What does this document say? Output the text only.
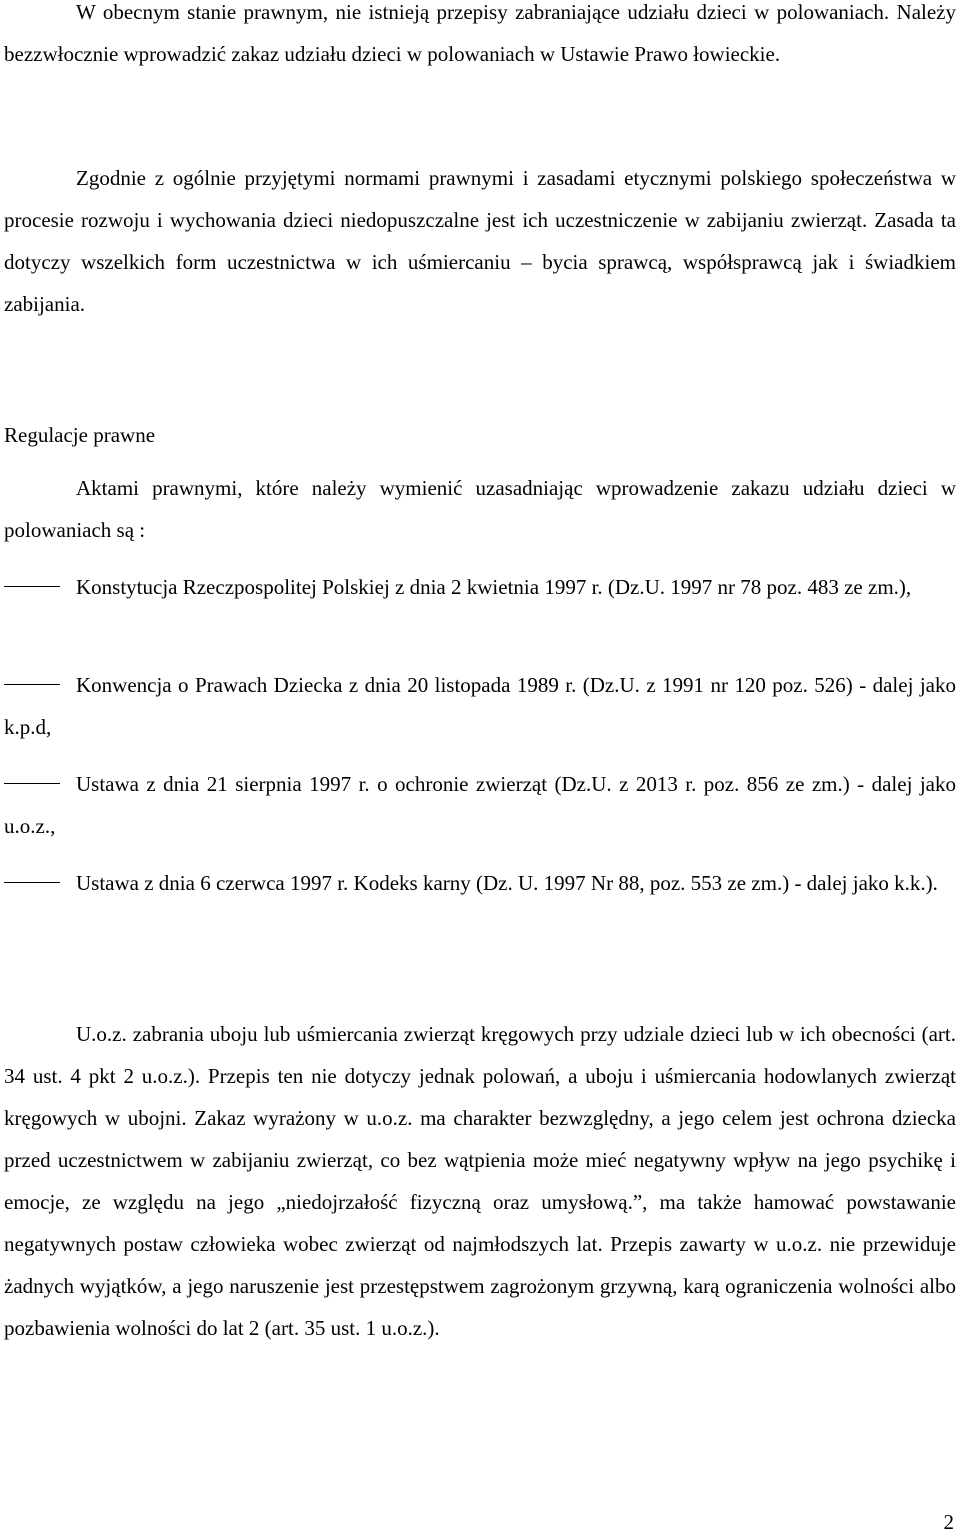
W obecnym stanie prawnym, nie istnieją przepisy zabraniające udziału dzieci w polowaniach. Należy bezzwłocznie wprowadzić zakaz udziału dzieci w polowaniach w Ustawie Prawo łowieckie.

Zgodnie z ogólnie przyjętymi normami prawnymi i zasadami etycznymi polskiego społeczeństwa w procesie rozwoju i wychowania dzieci niedopuszczalne jest ich uczestniczenie w zabijaniu zwierząt. Zasada ta dotyczy wszelkich form uczestnictwa w ich uśmiercaniu – bycia sprawcą, współsprawcą jak i świadkiem zabijania.

Regulacje prawne

Aktami prawnymi, które należy wymienić uzasadniając wprowadzenie zakazu udziału dzieci w polowaniach są :

Konstytucja Rzeczpospolitej Polskiej z dnia 2 kwietnia 1997 r. (Dz.U. 1997 nr 78 poz. 483 ze zm.),
Konwencja o Prawach Dziecka z dnia 20 listopada 1989 r. (Dz.U. z 1991 nr 120 poz. 526) - dalej jako k.p.d,
Ustawa z dnia 21 sierpnia 1997 r. o ochronie zwierząt (Dz.U. z 2013 r. poz. 856 ze zm.) - dalej jako u.o.z.,
Ustawa z dnia 6 czerwca 1997 r. Kodeks karny (Dz. U. 1997 Nr 88, poz. 553 ze zm.) - dalej jako k.k.).

U.o.z. zabrania uboju lub uśmiercania zwierząt kręgowych przy udziale dzieci lub w ich obecności (art. 34 ust. 4 pkt 2 u.o.z.). Przepis ten nie dotyczy jednak polowań, a uboju i uśmiercania hodowlanych zwierząt kręgowych w ubojni. Zakaz wyrażony w u.o.z. ma charakter bezwzględny, a jego celem jest ochrona dziecka przed uczestnictwem w zabijaniu zwierząt, co bez wątpienia może mieć negatywny wpływ na jego psychikę i emocje, ze względu na jego „niedojrzałość fizyczną oraz umysłową.”, ma także hamować powstawanie negatywnych postaw człowieka wobec zwierząt od najmłodszych lat. Przepis zawarty w u.o.z. nie przewiduje żadnych wyjątków, a jego naruszenie jest przestępstwem zagrożonym grzywną, karą ograniczenia wolności albo pozbawienia wolności do lat 2 (art. 35 ust. 1 u.o.z.).

2
